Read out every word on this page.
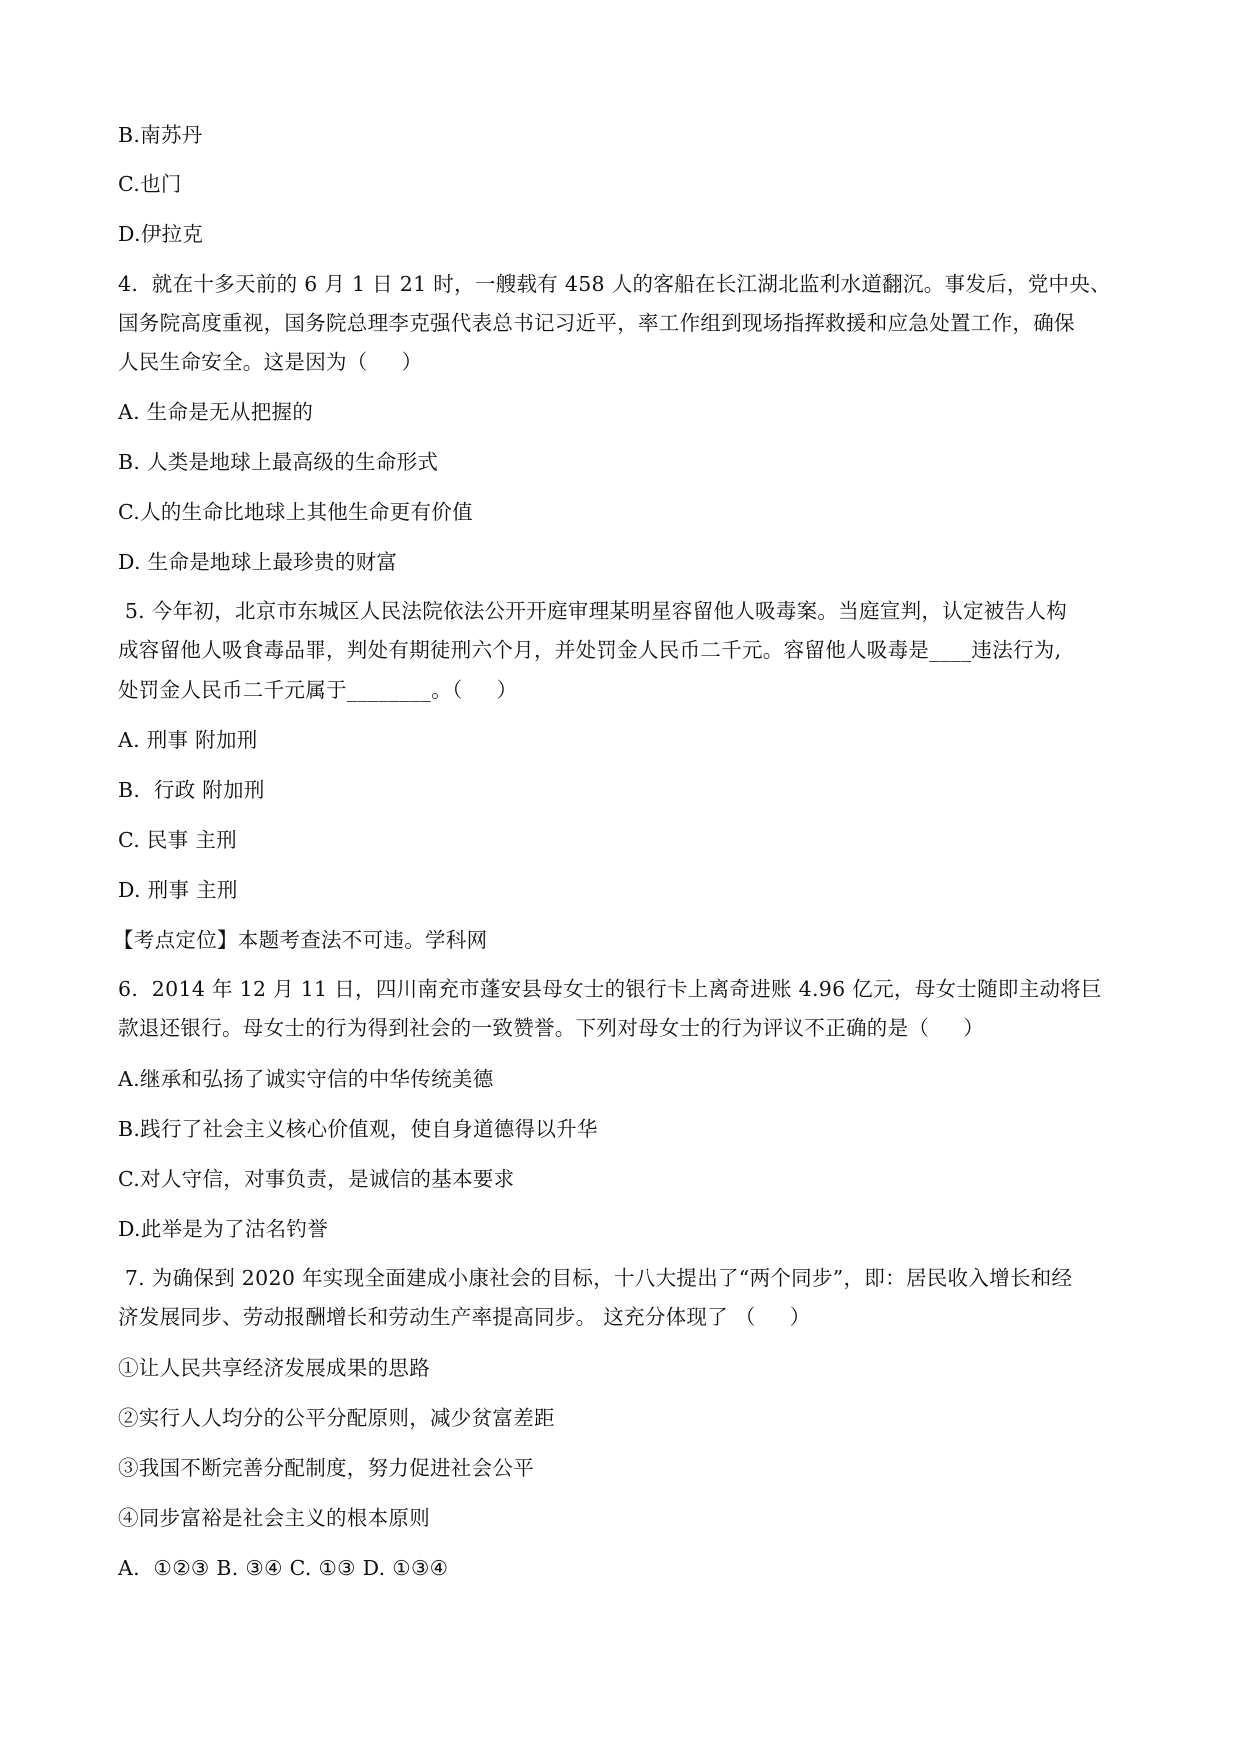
B.南苏丹
C.也门
D.伊拉克
4.  就在十多天前的 6 月 1 日 21 时，一艘载有 458 人的客船在长江湖北监利水道翻沉。事发后，党中央、
国务院高度重视，国务院总理李克强代表总书记习近平，率工作组到现场指挥救援和应急处置工作，确保
人民生命安全。这是因为（     ）
A. 生命是无从把握的
B. 人类是地球上最高级的生命形式
C.人的生命比地球上其他生命更有价值
D. 生命是地球上最珍贵的财富
5. 今年初，北京市东城区人民法院依法公开开庭审理某明星容留他人吸毒案。当庭宣判，认定被告人构
成容留他人吸食毒品罪，判处有期徒刑六个月，并处罚金人民币二千元。容留他人吸毒是____违法行为,
处罚金人民币二千元属于________。（     ）
A. 刑事 附加刑
B.  行政 附加刑
C. 民事 主刑
D. 刑事 主刑
【考点定位】本题考查法不可违。学科网
6.  2014 年 12 月 11 日，四川南充市蓬安县母女士的银行卡上离奇进账 4.96 亿元，母女士随即主动将巨
款退还银行。母女士的行为得到社会的一致赞誉。下列对母女士的行为评议不正确的是（     ）
A.继承和弘扬了诚实守信的中华传统美德
B.践行了社会主义核心价值观，使自身道德得以升华
C.对人守信，对事负责，是诚信的基本要求
D.此举是为了沽名钓誉
7. 为确保到 2020 年实现全面建成小康社会的目标，十八大提出了“两个同步”，即：居民收入增长和经
济发展同步、劳动报酬增长和劳动生产率提高同步。 这充分体现了 （     ）
①让人民共享经济发展成果的思路
②实行人人均分的公平分配原则，减少贫富差距
③我国不断完善分配制度，努力促进社会公平
④同步富裕是社会主义的根本原则
A.  ①②③ B. ③④ C. ①③ D. ①③④
